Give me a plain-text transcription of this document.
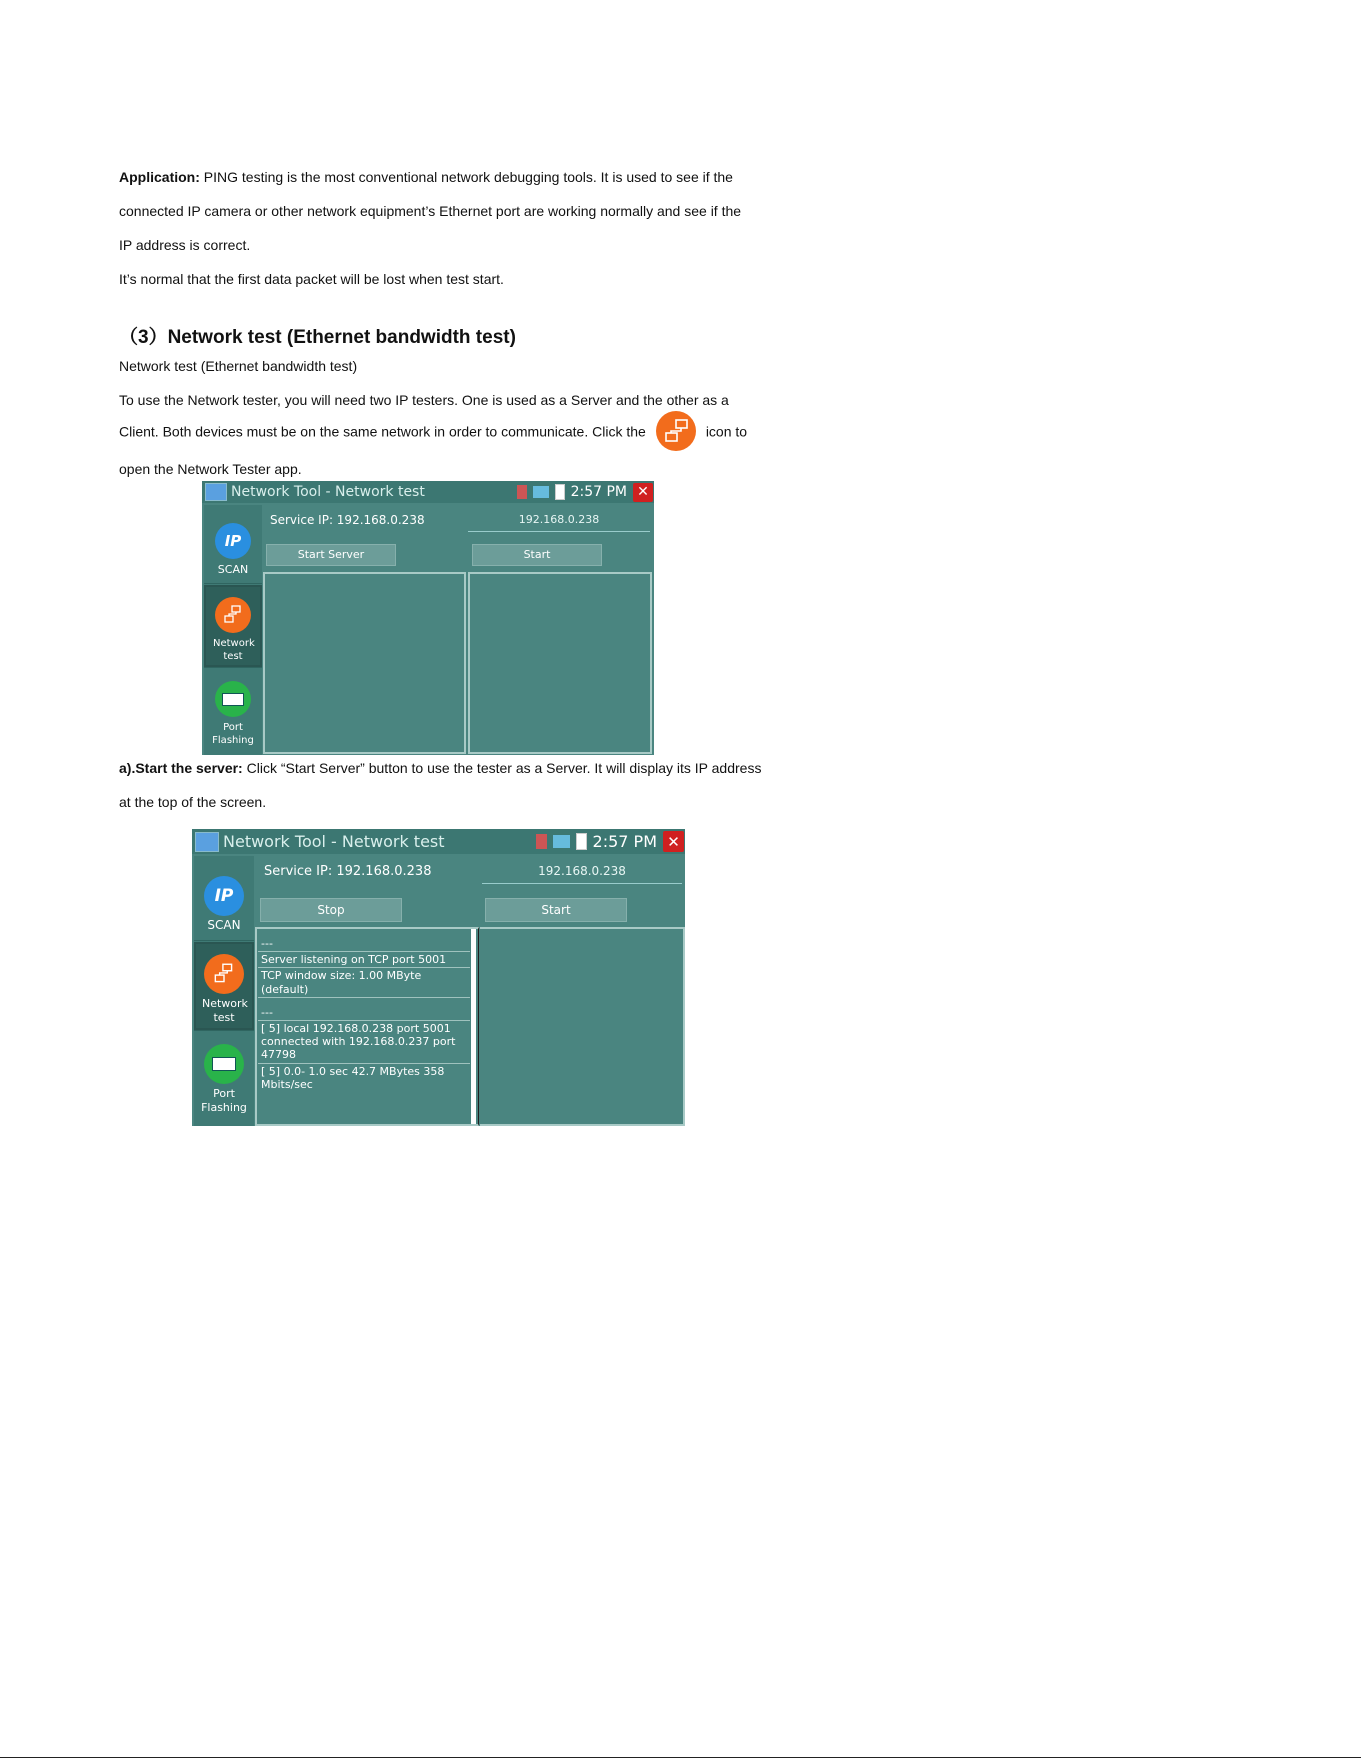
Application: PING testing is the most conventional network debugging tools. It is used to see if the
connected IP camera or other network equipment’s Ethernet port are working normally and see if the
IP address is correct.
It’s normal that the first data packet will be lost when test start.
（3）Network test (Ethernet bandwidth test)
Network test (Ethernet bandwidth test)
To use the Network tester, you will need two IP testers. One is used as a Server and the other as a
Client. Both devices must be on the same network in order to communicate. Click the	icon to
open the Network Tester app.
Network Tool - Network test	2:57 PM ✕
IP
SCAN
Network test
Port Flashing
Service IP: 192.168.0.238	192.168.0.238
Start Server	Start
a).Start the server: Click “Start Server” button to use the tester as a Server. It will display its IP address
at the top of the screen.
Network Tool - Network test	2:57 PM ✕
IP
SCAN
Network test
Port Flashing
Service IP: 192.168.0.238	192.168.0.238
Stop	Start
---
Server listening on TCP port 5001
TCP window size: 1.00 MByte (default)
---
[ 5] local 192.168.0.238 port 5001 connected with 192.168.0.237 port 47798
[ 5] 0.0- 1.0 sec 42.7 MBytes 358 Mbits/sec
